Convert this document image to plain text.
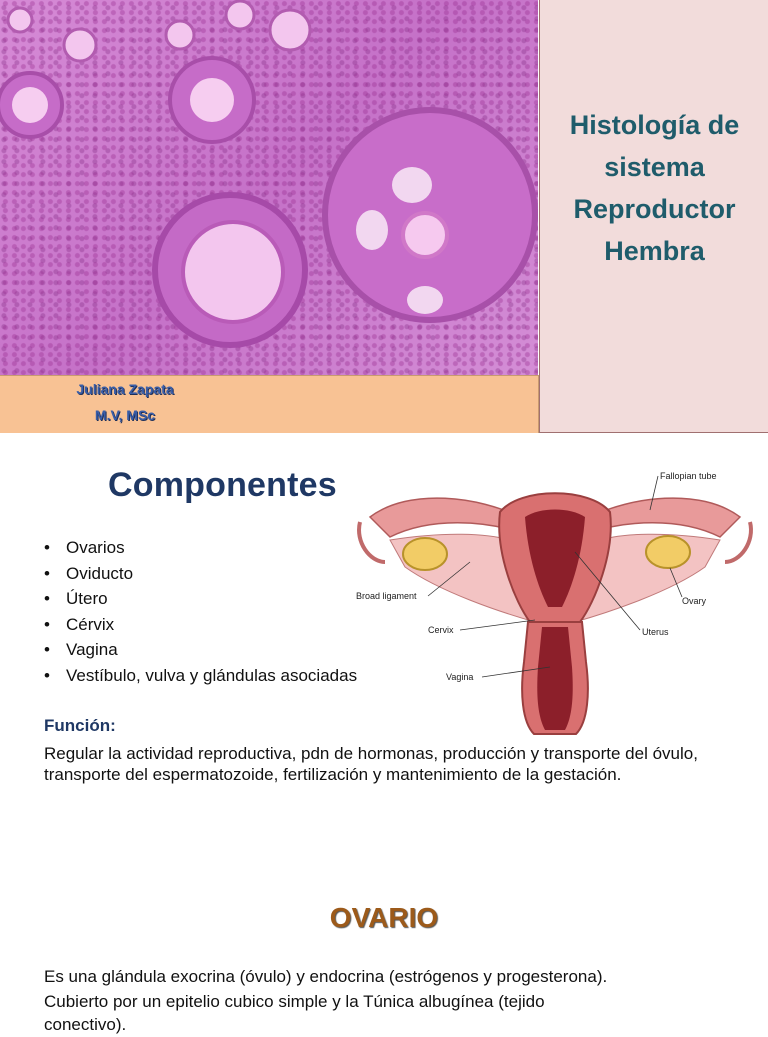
Juliana Zapata
M.V, MSc
Histología de
sistema
Reproductor
Hembra
Componentes
• Ovarios
• Oviducto
• Útero
• Cérvix
• Vagina
• Vestíbulo, vulva y glándulas asociadas
Fallopian tube
Broad ligament	Ovary
Cervix	Uterus
Vagina
Función:
Regular la actividad reproductiva, pdn de hormonas, producción y transporte del óvulo, transporte del espermatozoide, fertilización y mantenimiento de la gestación.
OVARIO
Es una glándula exocrina (óvulo) y endocrina (estrógenos y progesterona).
Cubierto por un epitelio cubico simple y la Túnica albugínea (tejido
conectivo).
